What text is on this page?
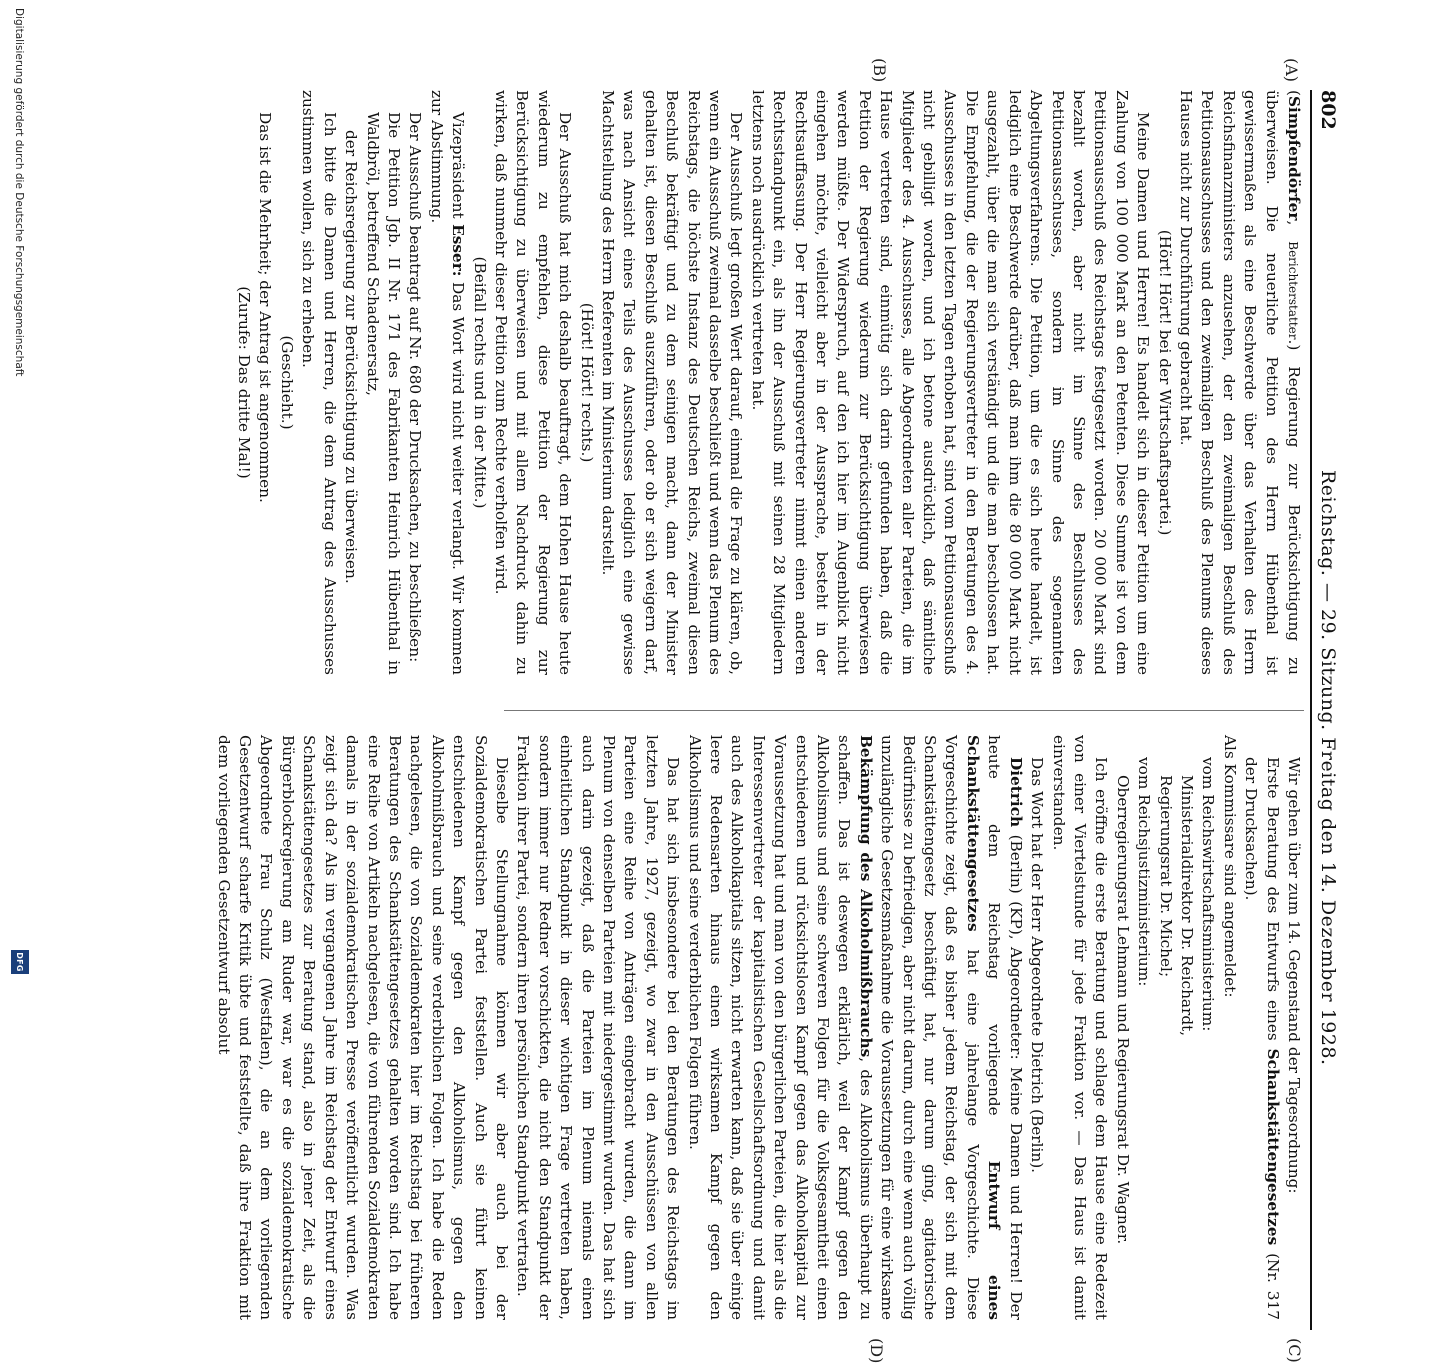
802
Reichstag. — 29. Sitzung. Freitag den 14. Dezember 1928.
(A)
(B)
(C)
(D)

(Simpfendörfer, Berichterstatter.) Regierung zur Berücksichtigung zu überweisen. Die neuerliche Petition des Herrn Hübenthal ist gewissermaßen als eine Beschwerde über das Verhalten des Herrn Reichsfinanzministers anzusehen, der den zweimaligen Beschluß des Petitionsausschusses und den zweimaligen Beschluß des Plenums dieses Hauses nicht zur Durchführung gebracht hat.

(Hört! Hört! bei der Wirtschaftspartei.)

Meine Damen und Herren! Es handelt sich in dieser Petition um eine Zahlung von 100 000 Mark an den Petenten. Diese Summe ist von dem Petitionsausschuß des Reichstags festgesetzt worden. 20 000 Mark sind bezahlt worden, aber nicht im Sinne des Beschlusses des Petitionsausschusses, sondern im Sinne des sogenannten Abgeltungsverfahrens. Die Petition, um die es sich heute handelt, ist lediglich eine Beschwerde darüber, daß man ihm die 80 000 Mark nicht ausgezahlt, über die man sich verständigt und die man beschlossen hat. Die Empfehlung, die der Regierungsvertreter in den Beratungen des 4. Ausschusses in den letzten Tagen erhoben hat, sind vom Petitionsausschuß nicht gebilligt worden, und ich betone ausdrücklich, daß sämtliche Mitglieder des 4. Ausschusses, alle Abgeordneten aller Parteien, die im Hause vertreten sind, einmütig sich darin gefunden haben, daß die Petition der Regierung wiederum zur Berücksichtigung überwiesen werden müßte. Der Widerspruch, auf den ich hier im Augenblick nicht eingehen möchte, vielleicht aber in der Aussprache, besteht in der Rechtsauffassung. Der Herr Regierungsvertreter nimmt einen anderen Rechtsstandpunkt ein, als ihn der Ausschuß mit seinen 28 Mitgliedern letztens noch ausdrücklich vertreten hat.

Der Ausschuß legt großen Wert darauf, einmal die Frage zu klären, ob, wenn ein Ausschuß zweimal dasselbe beschließt und wenn das Plenum des Reichstags, die höchste Instanz des Deutschen Reichs, zweimal diesen Beschluß bekräftigt und zu dem seinigen macht, dann der Minister gehalten ist, diesen Beschluß auszuführen, oder ob er sich weigern darf, was nach Ansicht eines Teils des Ausschusses lediglich eine gewisse Machtstellung des Herrn Referenten im Ministerium darstellt.

(Hört! Hört! rechts.)

Der Ausschuß hat mich deshalb beauftragt, dem Hohen Hause heute wiederum zu empfehlen, diese Petition der Regierung zur Berücksichtigung zu überweisen und mit allem Nachdruck dahin zu wirken, daß nunmehr dieser Petition zum Rechte verholfen wird.

(Beifall rechts und in der Mitte.)

Vizepräsident Esser: Das Wort wird nicht weiter verlangt. Wir kommen zur Abstimmung.

Der Ausschuß beantragt auf Nr. 680 der Drucksachen, zu beschließen:

Die Petition Jgb. II Nr. 171 des Fabrikanten Heinrich Hübenthal in Waldbröl, betreffend Schadenersatz,

der Reichsregierung zur Berücksichtigung zu überweisen.

Ich bitte die Damen und Herren, die dem Antrag des Ausschusses zustimmen wollen, sich zu erheben.

(Geschieht.)

Das ist die Mehrheit; der Antrag ist angenommen.

(Zurufe: Das dritte Mal!)

Wir gehen über zum 14. Gegenstand der Tagesordnung:

Erste Beratung des Entwurfs eines Schankstättengesetzes (Nr. 317 der Drucksachen).

Als Kommissare sind angemeldet:

vom Reichswirtschaftsministerium:

Ministerialdirektor Dr. Reichardt,

Regierungsrat Dr. Michel;

vom Reichsjustizministerium:

Oberregierungsrat Lehmann und Regierungsrat Dr. Wagner.

Ich eröffne die erste Beratung und schlage dem Hause eine Redezeit von einer Viertelstunde für jede Fraktion vor. — Das Haus ist damit einverstanden.

Das Wort hat der Herr Abgeordnete Dietrich (Berlin).

Dietrich (Berlin) (KP), Abgeordneter: Meine Damen und Herren! Der heute dem Reichstag vorliegende Entwurf eines Schankstättengesetzes hat eine jahrelange Vorgeschichte. Diese Vorgeschichte zeigt, daß es bisher jedem Reichstag, der sich mit dem Schankstättengesetz beschäftigt hat, nur darum ging, agitatorische Bedürfnisse zu befriedigen, aber nicht darum, durch eine wenn auch völlig unzulängliche Gesetzesmaßnahme die Voraussetzungen für eine wirksame Bekämpfung des Alkoholmißbrauchs, des Alkoholismus überhaupt zu schaffen. Das ist deswegen erklärlich, weil der Kampf gegen den Alkoholismus und seine schweren Folgen für die Volksgesamtheit einen entschiedenen und rücksichtslosen Kampf gegen das Alkoholkapital zur Voraussetzung hat und man von den bürgerlichen Parteien, die hier als die Interessenvertreter der kapitalistischen Gesellschaftsordnung und damit auch des Alkoholkapitals sitzen, nicht erwarten kann, daß sie über einige leere Redensarten hinaus einen wirksamen Kampf gegen den Alkoholismus und seine verderblichen Folgen führen.

Das hat sich insbesondere bei den Beratungen des Reichstags im letzten Jahre, 1927, gezeigt, wo zwar in den Ausschüssen von allen Parteien eine Reihe von Anträgen eingebracht wurden, die dann im Plenum von denselben Parteien mit niedergestimmt wurden. Das hat sich auch darin gezeigt, daß die Parteien im Plenum niemals einen einheitlichen Standpunkt in dieser wichtigen Frage vertreten haben, sondern immer nur Redner vorschickten, die nicht den Standpunkt der Fraktion ihrer Partei, sondern ihren persönlichen Standpunkt vertraten.

Dieselbe Stellungnahme können wir aber auch bei der Sozialdemokratischen Partei feststellen. Auch sie führt keinen entschiedenen Kampf gegen den Alkoholismus, gegen den Alkoholmißbrauch und seine verderblichen Folgen. Ich habe die Reden nachgelesen, die von Sozialdemokraten hier im Reichstag bei früheren Beratungen des Schankstättengesetzes gehalten worden sind. Ich habe eine Reihe von Artikeln nachgelesen, die von führenden Sozialdemokraten damals in der sozialdemokratischen Presse veröffentlicht wurden. Was zeigt sich da? Als im vergangenen Jahre im Reichstag der Entwurf eines Schankstättengesetzes zur Beratung stand, also in jener Zeit, als die Bürgerblockregierung am Ruder war, war es die sozialdemokratische Abgeordnete Frau Schulz (Westfalen), die an dem vorliegenden Gesetzentwurf scharfe Kritik übte und feststellte, daß ihre Fraktion mit dem vorliegenden Gesetzentwurf absolut

Digitalisierung gefördert durch die Deutsche Forschungsgemeinschaft
DFG
